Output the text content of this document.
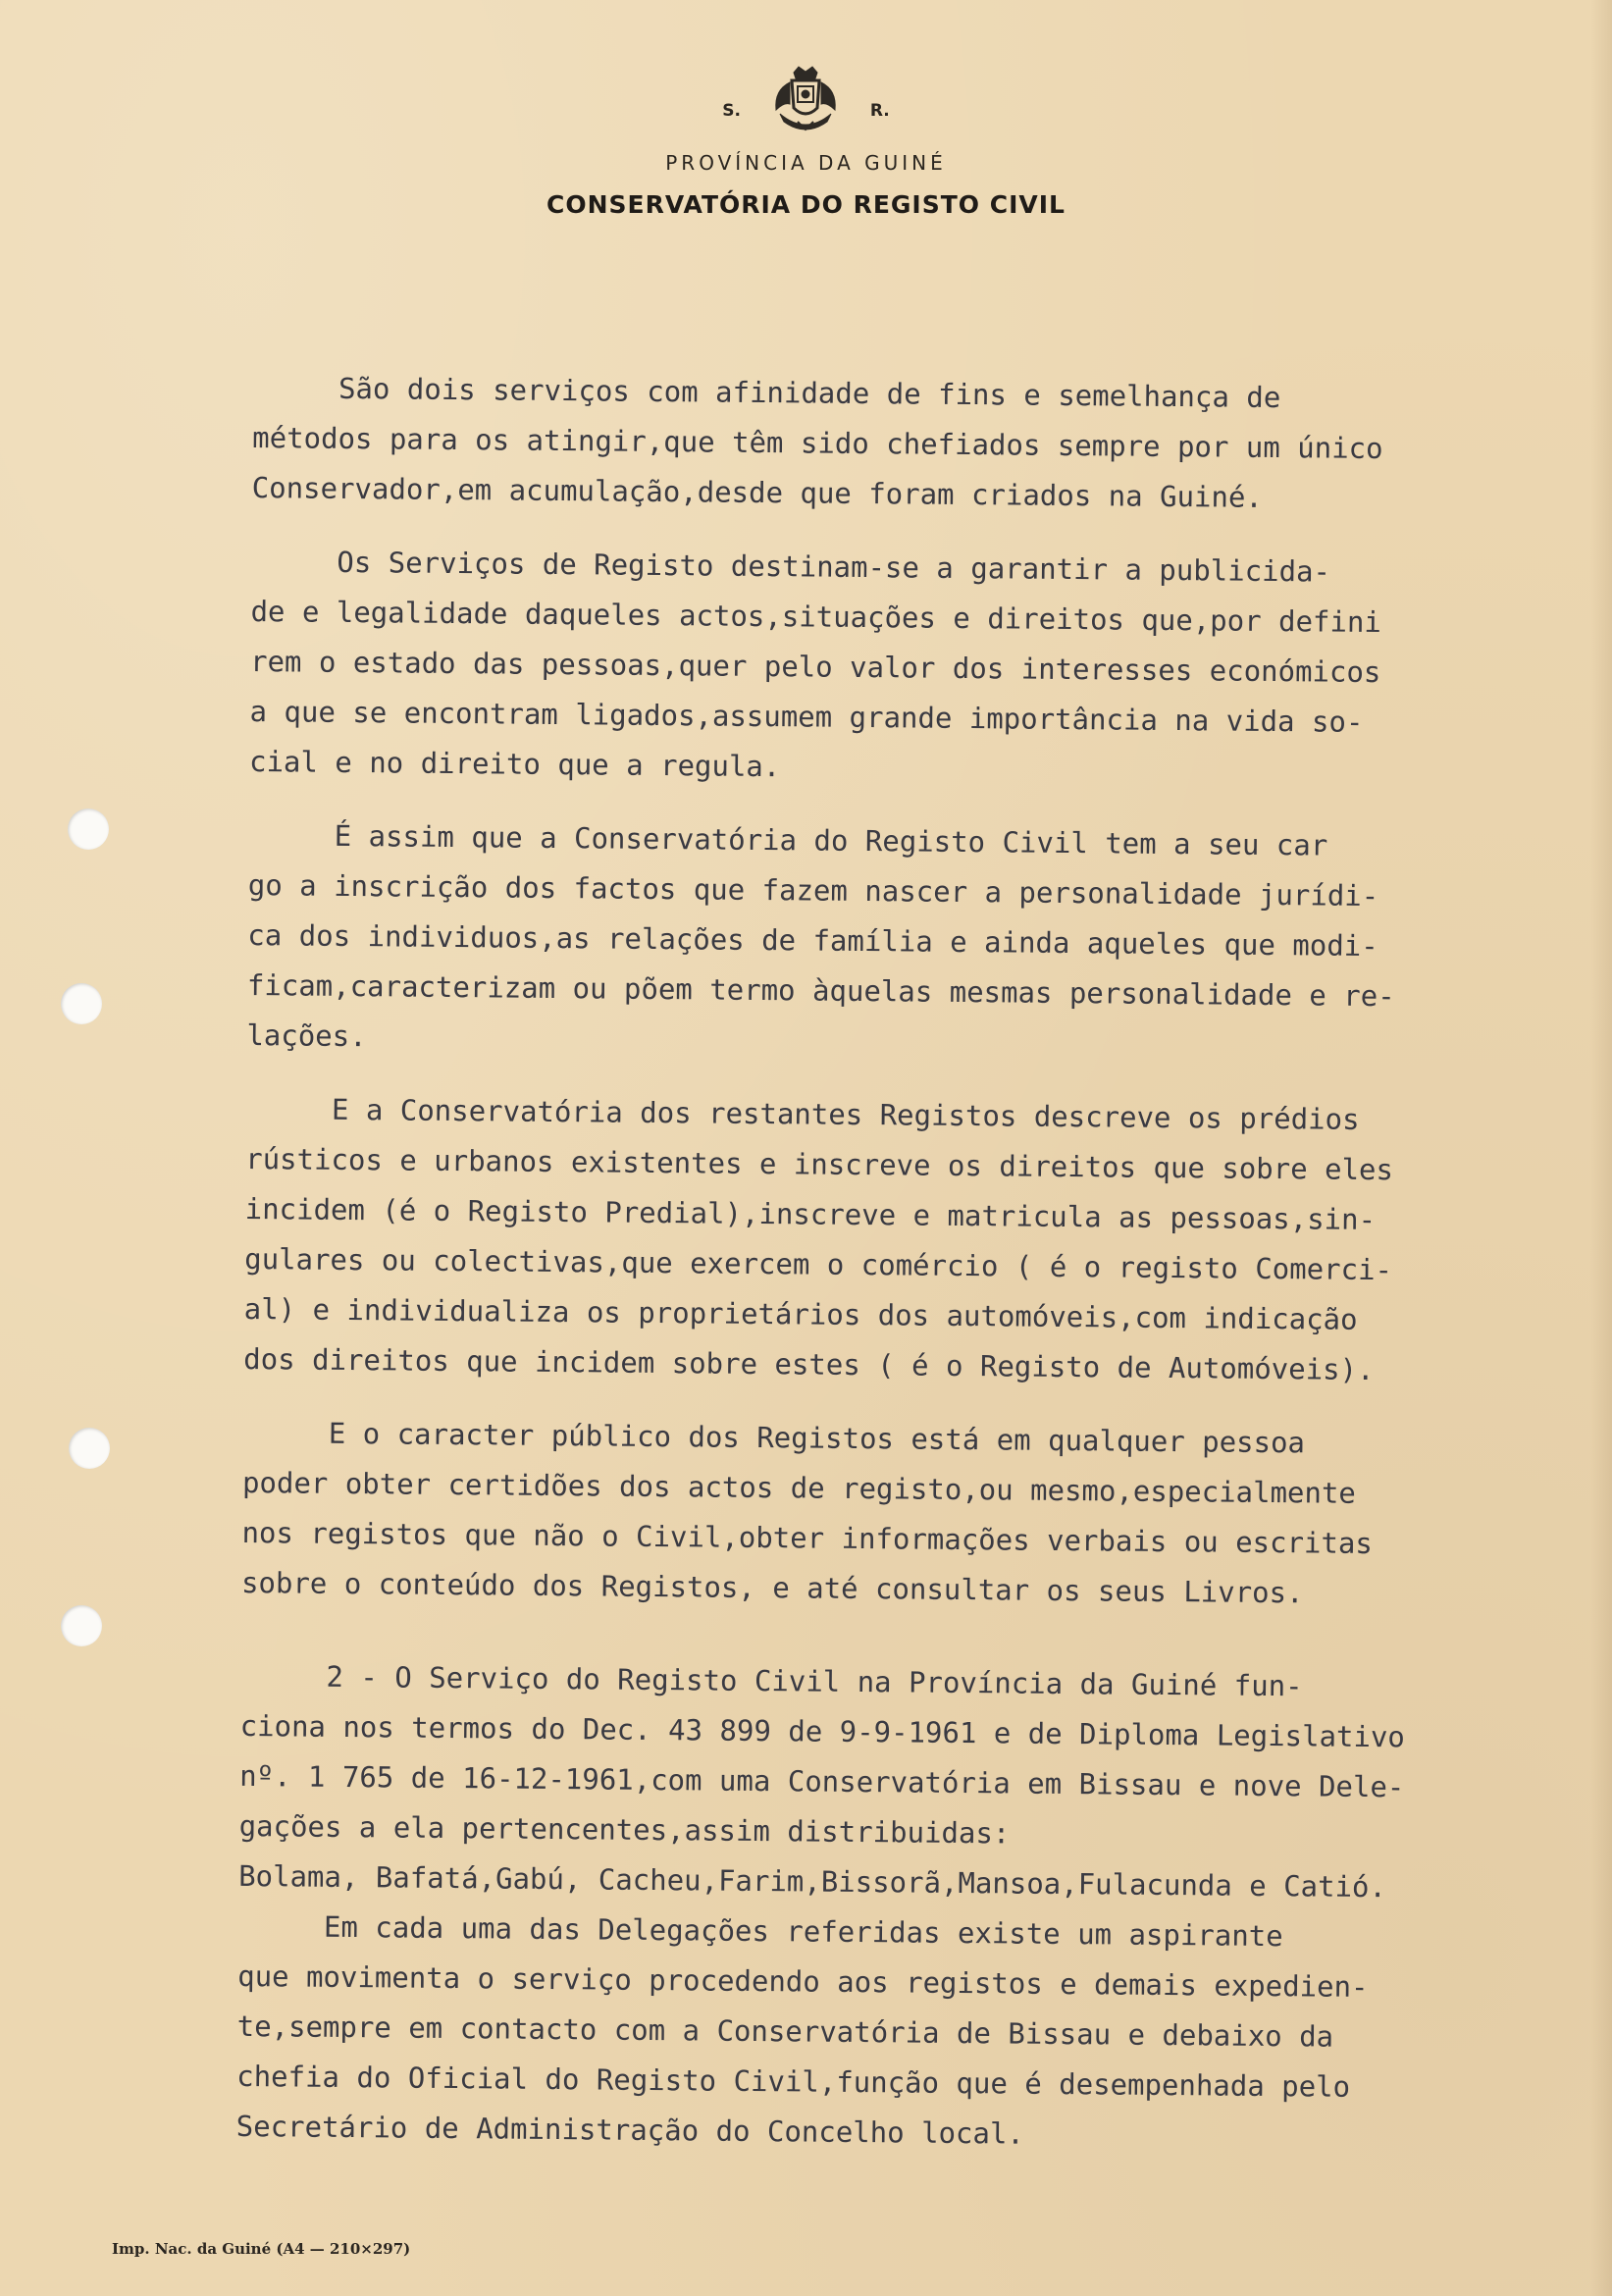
S.	R.
PROVÍNCIA DA GUINÉ
CONSERVATÓRIA DO REGISTO CIVIL
São dois serviços com afinidade de fins e semelhança de
métodos para os atingir,que têm sido chefiados sempre por um único
Conservador,em acumulação,desde que foram criados na Guiné.
Os Serviços de Registo destinam-se a garantir a publicida-
de e legalidade daqueles actos,situações e direitos que,por defini
rem o estado das pessoas,quer pelo valor dos interesses económicos
a que se encontram ligados,assumem grande importância na vida so-
cial e no direito que a regula.
É assim que a Conservatória do Registo Civil tem a seu car
go a inscrição dos factos que fazem nascer a personalidade jurídi-
ca dos individuos,as relações de família e ainda aqueles que modi-
ficam,caracterizam ou põem termo àquelas mesmas personalidade e re-
lações.
E a Conservatória dos restantes Registos descreve os prédios
rústicos e urbanos existentes e inscreve os direitos que sobre eles
incidem (é o Registo Predial),inscreve e matricula as pessoas,sin-
gulares ou colectivas,que exercem o comércio ( é o registo Comerci-
al) e individualiza os proprietários dos automóveis,com indicação
dos direitos que incidem sobre estes ( é o Registo de Automóveis).
E o caracter público dos Registos está em qualquer pessoa
poder obter certidões dos actos de registo,ou mesmo,especialmente
nos registos que não o Civil,obter informações verbais ou escritas
sobre o conteúdo dos Registos, e até consultar os seus Livros.
2 - O Serviço do Registo Civil na Província da Guiné fun-
ciona nos termos do Dec. 43 899 de 9-9-1961 e de Diploma Legislativo
nº. 1 765 de 16-12-1961,com uma Conservatória em Bissau e nove Dele-
gações a ela pertencentes,assim distribuidas:
Bolama, Bafatá,Gabú, Cacheu,Farim,Bissorã,Mansoa,Fulacunda e Catió.
Em cada uma das Delegações referidas existe um aspirante
que movimenta o serviço procedendo aos registos e demais expedien-
te,sempre em contacto com a Conservatória de Bissau e debaixo da
chefia do Oficial do Registo Civil,função que é desempenhada pelo
Secretário de Administração do Concelho local.
Imp. Nac. da Guiné (A4 — 210×297)
